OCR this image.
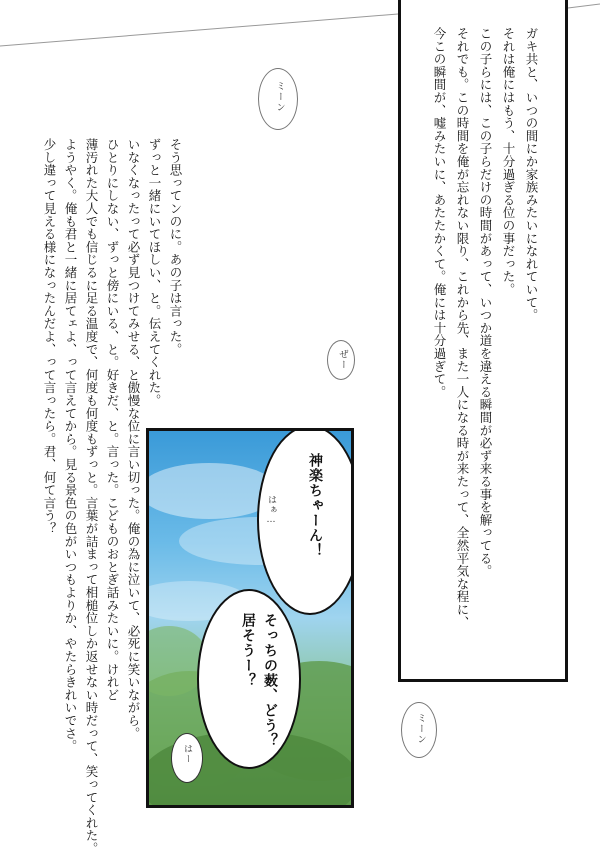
ガキ共と、いつの間にか家族みたいになれていて。
それは俺にはもう、十分過ぎる位の事だった。
この子らには、この子らだけの時間があって、いつか道を違える瞬間が必ず来る事を解ってる。
それでも。この時間を俺が忘れない限り、これから先、また一人になる時が来たって、全然平気な程に、
今この瞬間が、嘘みたいに、あたたかくて。俺には十分過ぎて。
ミーン
そう思ってンのに。あの子は言った。
ずっと一緒にいてほしい、と。伝えてくれた。
いなくなったって必ず見つけてみせる、と傲慢な位に言い切った。俺の為に泣いて、必死に笑いながら。
ひとりにしない、ずっと傍にいる、と。好きだ、と。言った。こどものおとぎ話みたいに。けれど
薄汚れた大人でも信じるに足る温度で、何度も何度もずっと。言葉が詰まって相槌位しか返せない時だって、笑ってくれた。
ようやく。俺も君と一緒に居てェよ、って言えてから。見る景色の色がいつもよりか、やたらきれいでさ。
少し違って見える様になったんだよ、って言ったら。君、何て言う？	ぜー
神楽ちゃーん！
はぁ…
そっちの薮、どう？
居そうー？
はー
ミーン
